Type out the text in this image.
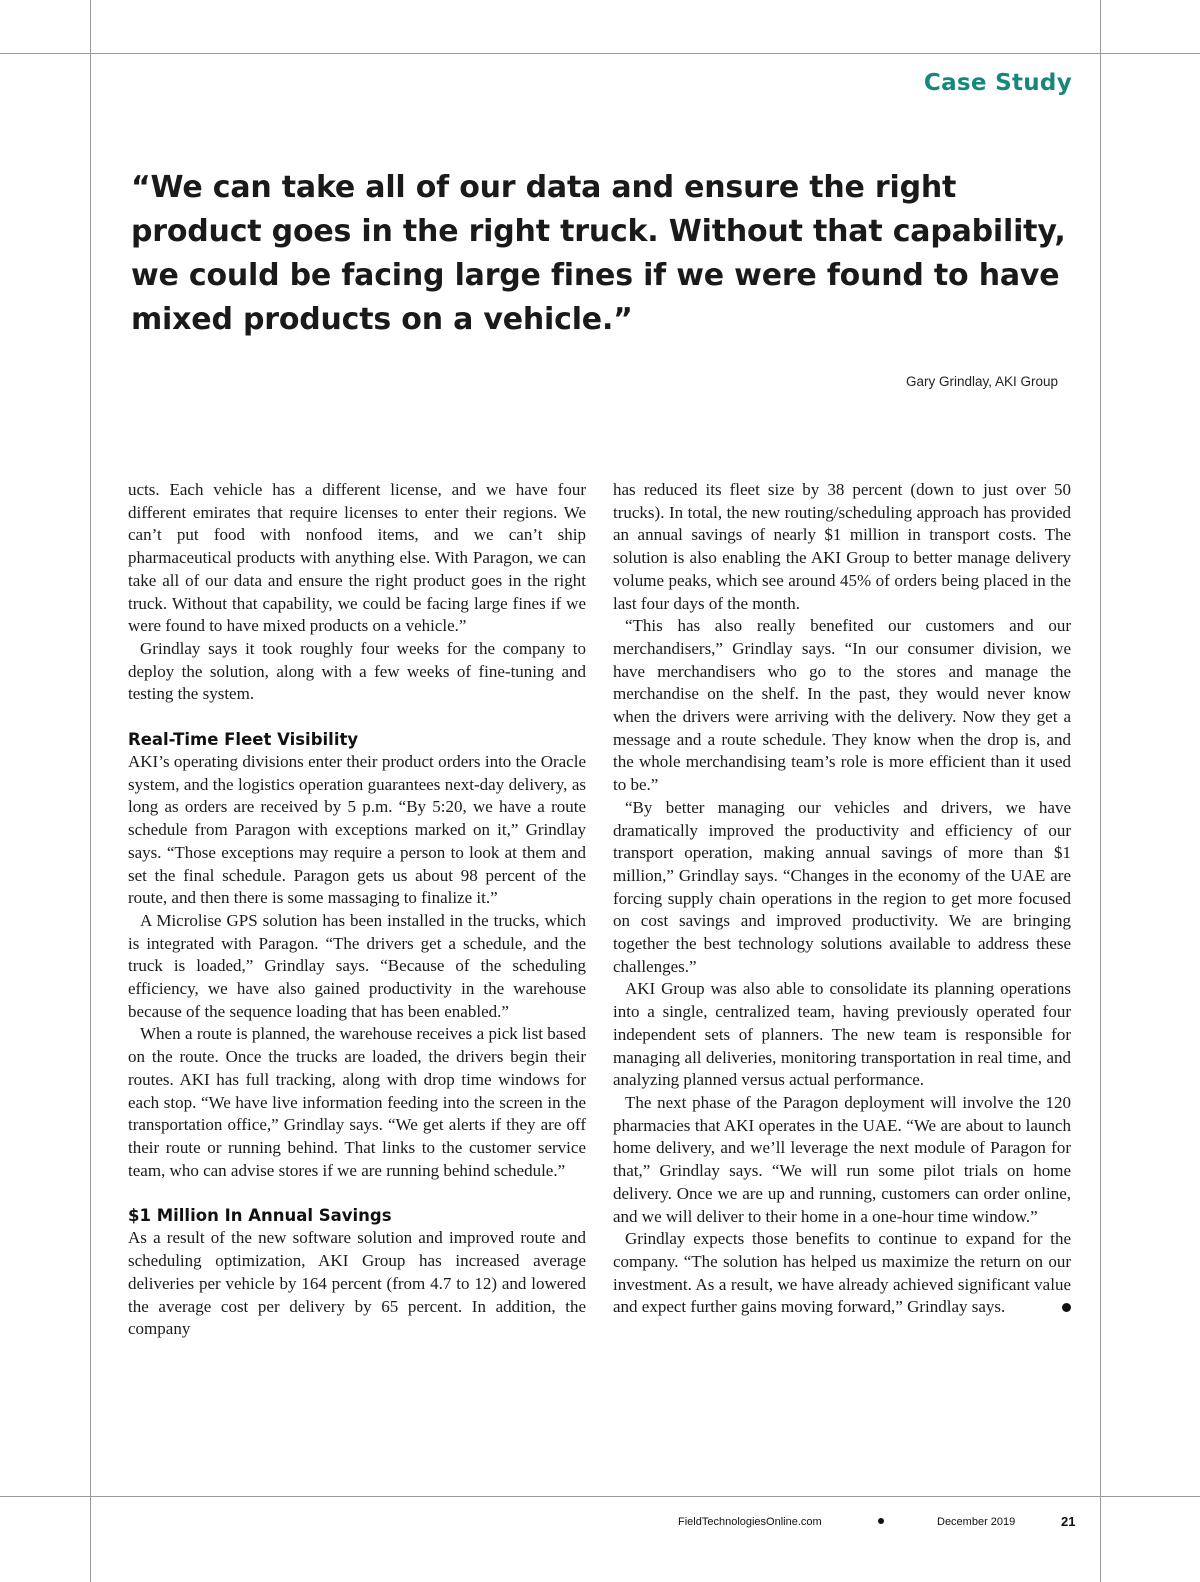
Case Study

“We can take all of our data and ensure the right product goes in the right truck. Without that capability, we could be facing large fines if we were found to have mixed products on a vehicle.”

Gary Grindlay, AKI Group

ucts. Each vehicle has a different license, and we have four different emirates that require licenses to enter their regions. We can’t put food with nonfood items, and we can’t ship pharmaceutical products with anything else. With Paragon, we can take all of our data and ensure the right product goes in the right truck. Without that capability, we could be facing large fines if we were found to have mixed products on a vehicle.”

Grindlay says it took roughly four weeks for the company to deploy the solution, along with a few weeks of fine-tuning and testing the system.

Real-Time Fleet Visibility

AKI’s operating divisions enter their product orders into the Oracle system, and the logistics operation guarantees next-day delivery, as long as orders are received by 5 p.m. “By 5:20, we have a route schedule from Paragon with exceptions marked on it,” Grindlay says. “Those exceptions may require a person to look at them and set the final schedule. Paragon gets us about 98 percent of the route, and then there is some massaging to finalize it.”

A Microlise GPS solution has been installed in the trucks, which is integrated with Paragon. “The drivers get a schedule, and the truck is loaded,” Grindlay says. “Because of the scheduling efficiency, we have also gained productivity in the warehouse because of the sequence loading that has been enabled.”

When a route is planned, the warehouse receives a pick list based on the route. Once the trucks are loaded, the drivers begin their routes. AKI has full tracking, along with drop time windows for each stop. “We have live information feeding into the screen in the transportation office,” Grindlay says. “We get alerts if they are off their route or running behind. That links to the customer service team, who can advise stores if we are running behind schedule.”

$1 Million In Annual Savings

As a result of the new software solution and improved route and scheduling optimization, AKI Group has increased average deliveries per vehicle by 164 percent (from 4.7 to 12) and lowered the average cost per delivery by 65 percent. In addition, the company

has reduced its fleet size by 38 percent (down to just over 50 trucks). In total, the new routing/scheduling approach has provided an annual savings of nearly $1 million in transport costs. The solution is also enabling the AKI Group to better manage delivery volume peaks, which see around 45% of orders being placed in the last four days of the month.

“This has also really benefited our customers and our merchandisers,” Grindlay says. “In our consumer division, we have merchandisers who go to the stores and manage the merchandise on the shelf. In the past, they would never know when the drivers were arriving with the delivery. Now they get a message and a route schedule. They know when the drop is, and the whole merchandising team’s role is more efficient than it used to be.”

“By better managing our vehicles and drivers, we have dramatically improved the productivity and efficiency of our transport operation, making annual savings of more than $1 million,” Grindlay says. “Changes in the economy of the UAE are forcing supply chain operations in the region to get more focused on cost savings and improved productivity. We are bringing together the best technology solutions available to address these challenges.”

AKI Group was also able to consolidate its planning operations into a single, centralized team, having previously operated four independent sets of planners. The new team is responsible for managing all deliveries, monitoring transportation in real time, and analyzing planned versus actual performance.

The next phase of the Paragon deployment will involve the 120 pharmacies that AKI operates in the UAE. “We are about to launch home delivery, and we’ll leverage the next module of Paragon for that,” Grindlay says. “We will run some pilot trials on home delivery. Once we are up and running, customers can order online, and we will deliver to their home in a one-hour time window.”

Grindlay expects those benefits to continue to expand for the company. “The solution has helped us maximize the return on our investment. As a result, we have already achieved significant value and expect further gains moving forward,” Grindlay says.

FieldTechnologiesOnline.com	December 2019	21
